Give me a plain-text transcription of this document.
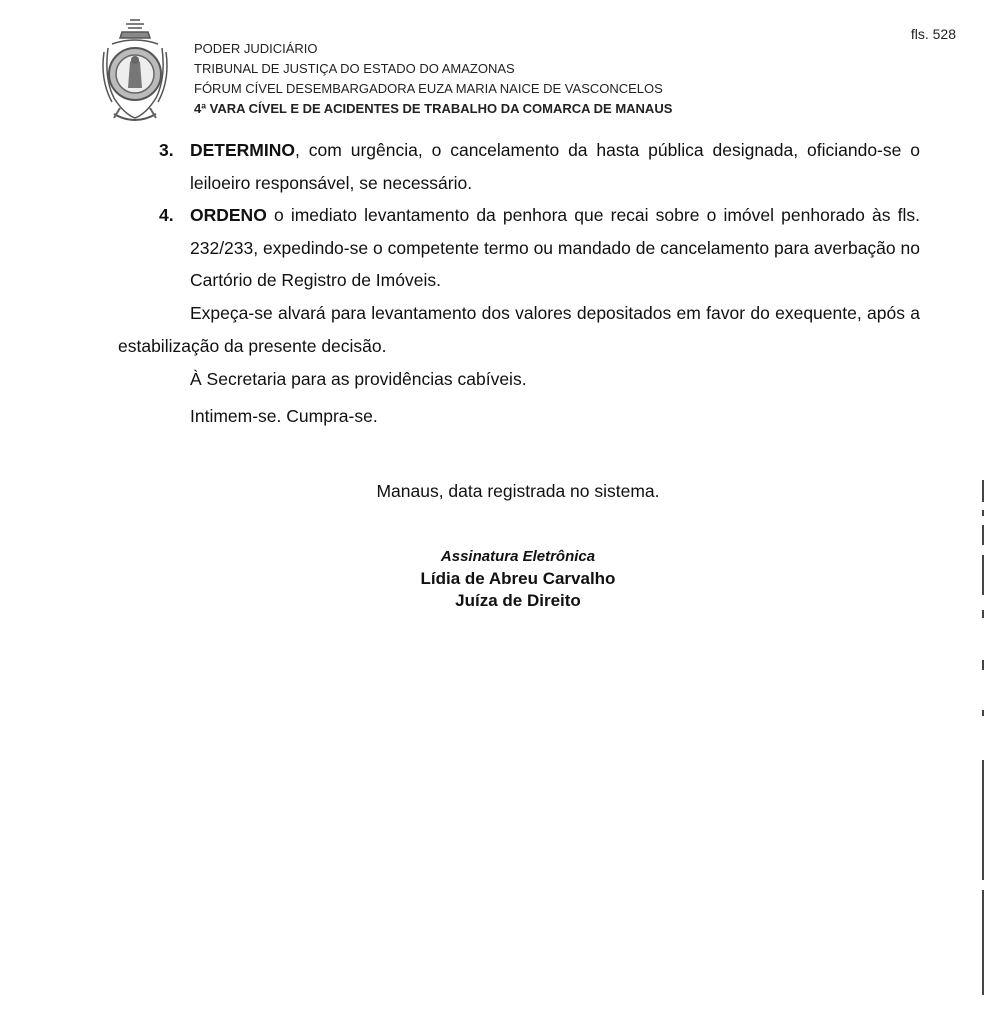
PODER JUDICIÁRIO
TRIBUNAL DE JUSTIÇA DO ESTADO DO AMAZONAS
FÓRUM CÍVEL DESEMBARGADORA EUZA MARIA NAICE DE VASCONCELOS
4ª VARA CÍVEL E DE ACIDENTES DE TRABALHO DA COMARCA DE MANAUS
fls. 528
3. DETERMINO, com urgência, o cancelamento da hasta pública designada, oficiando-se o leiloeiro responsável, se necessário.
4. ORDENO o imediato levantamento da penhora que recai sobre o imóvel penhorado às fls. 232/233, expedindo-se o competente termo ou mandado de cancelamento para averbação no Cartório de Registro de Imóveis.
Expeça-se alvará para levantamento dos valores depositados em favor do exequente, após a estabilização da presente decisão.
À Secretaria para as providências cabíveis.
Intimem-se. Cumpra-se.
Manaus, data registrada no sistema.
Assinatura Eletrônica
Lídia de Abreu Carvalho
Juíza de Direito
